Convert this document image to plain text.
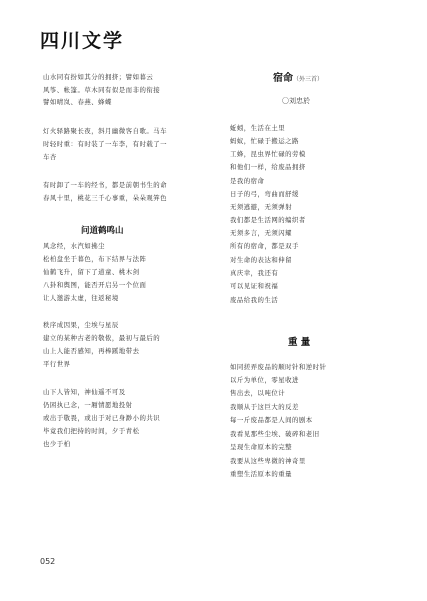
四川文学
山水同有扮如其分的拥挤；譬如暮云
风筝、帐篷。草木同有似是而非的衔接
譬如晴岚、春燕、蜂蝶
灯火驿路聚长夜，斜月幽微客自歌。马车
时轻时重：有时装了一车李，有时载了一
车杏
有时卸了一车的经书，都是前朝书生的命
春风十里，桃花三千心事重，朵朵观笄色
问道鹤鸣山
风念经，水汽如拂尘
松柏盘坐于暮色，布下结界与法阵
仙鹤飞升，留下了道童、桃木剑
八卦和舆图，能否开启另一个位面
让人邀游太虚，往返秘境
秩序成因果，尘埃与星辰
建立的某种古老的敬侬，最初与最后的
山上人能否感知，再棒蹊地带去
平行世界
山下人皆知，神仙遥不可及
仍困执已念，一厢情愿地投射
或出于敬畏，或出于对已身渺小的共识
毕竟我们把持的时间，夕于青松
也少于柏
宿命（外三首）
〇刘忠於
蚯蚓，生活在土里
蚂蚁，忙碌于搬运之路
工蜂，昆虫界忙碌的劳模
和他们一样，给废品拥挤
是我的宿命
日子的弓，弯曲而舒缓
无须逃避，无须弹射
我们都是生活网的编织者
无须多言，无须闪耀
所有的宿命，都是双手
对生命的表达和伸留
真庆幸，我还有
可以见证和祝福
废品给我的生活
重 量
如同搓弄废品的顺时针和逆时针
以斤为单位，零星收进
售出去，以吨位计
我顺从于这巨大的反差
每一斤废品都是人间的剧本
我看见那些尘埃、破碎和老旧
呈现生命原本的完整
我要从这些卑微的神奇里
重塑生活原本的重量
052
